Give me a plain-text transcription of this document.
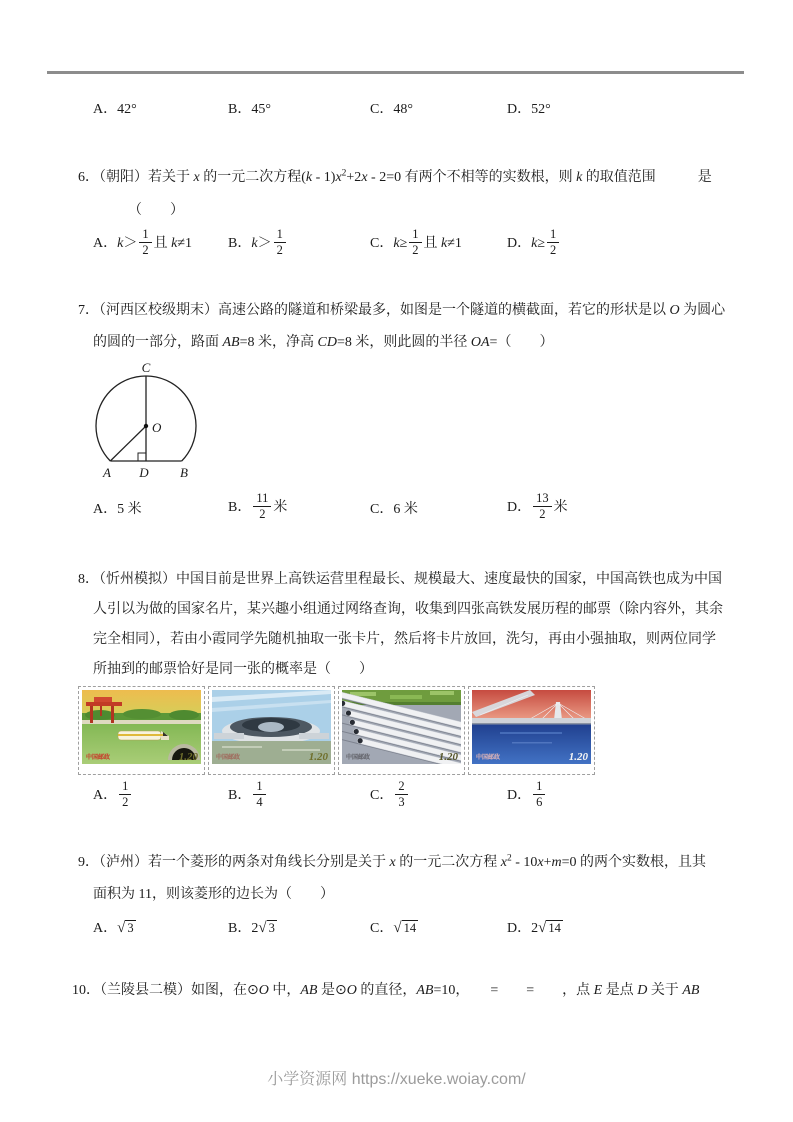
A．42°	B．45°	C．48°	D．52°
6．（朝阳）若关于 x 的一元二次方程$(k - 1)x^2+2x - 2=0$ 有两个不相等的实数根，则 k 的取值范围　　　是
（　　）
A．$k> \frac{1}{2}$ 且 k≠1	B．$k> \frac{1}{2}$	C．$k\ge \frac{1}{2}$ 且 k≠1	D．$k\ge \frac{1}{2}$
7．（河西区校级期末）高速公路的隧道和桥梁最多，如图是一个隧道的横截面，若它的形状是以 O 为圆心
的圆的一部分，路面 AB=8 米，净高 CD=8 米，则此圆的半径 OA=（　　）
C
O
A D B
A．5 米	B． $\frac{11}{2}$ 米	C．6 米	D． $\frac{13}{2}$ 米
8．（忻州模拟）中国目前是世界上高铁运营里程最长、规模最大、速度最快的国家，中国高铁也成为中国
人引以为做的国家名片，某兴趣小组通过网络查询，收集到四张高铁发展历程的邮票（除内容外，其余
完全相同），若由小霞同学先随机抽取一张卡片，然后将卡片放回，洗匀，再由小强抽取，则两位同学
所抽到的邮票恰好是同一张的概率是（　　）
中国邮政	1.20	中国邮政	1.20	中国邮政	1.20	中国邮政	1.20
A． $\frac{1}{2}$	B． $\frac{1}{4}$	C． $\frac{2}{3}$	D． $\frac{1}{6}$
9．（泸州）若一个菱形的两条对角线长分别是关于 x 的一元二次方程 $x^2 - 10x+m=0$ 的两个实数根，且其
面积为 11，则该菱形的边长为（　　）
A．√ 3	B．2√ 3	C．√ 14	D．2√ 14
10．（兰陵县二模）如图，在⊙O 中，AB 是⊙O 的直径，AB=10，　　=　　=　　，点 E 是点 D 关于 AB
小学资源网 https://xueke.woiay.com/
